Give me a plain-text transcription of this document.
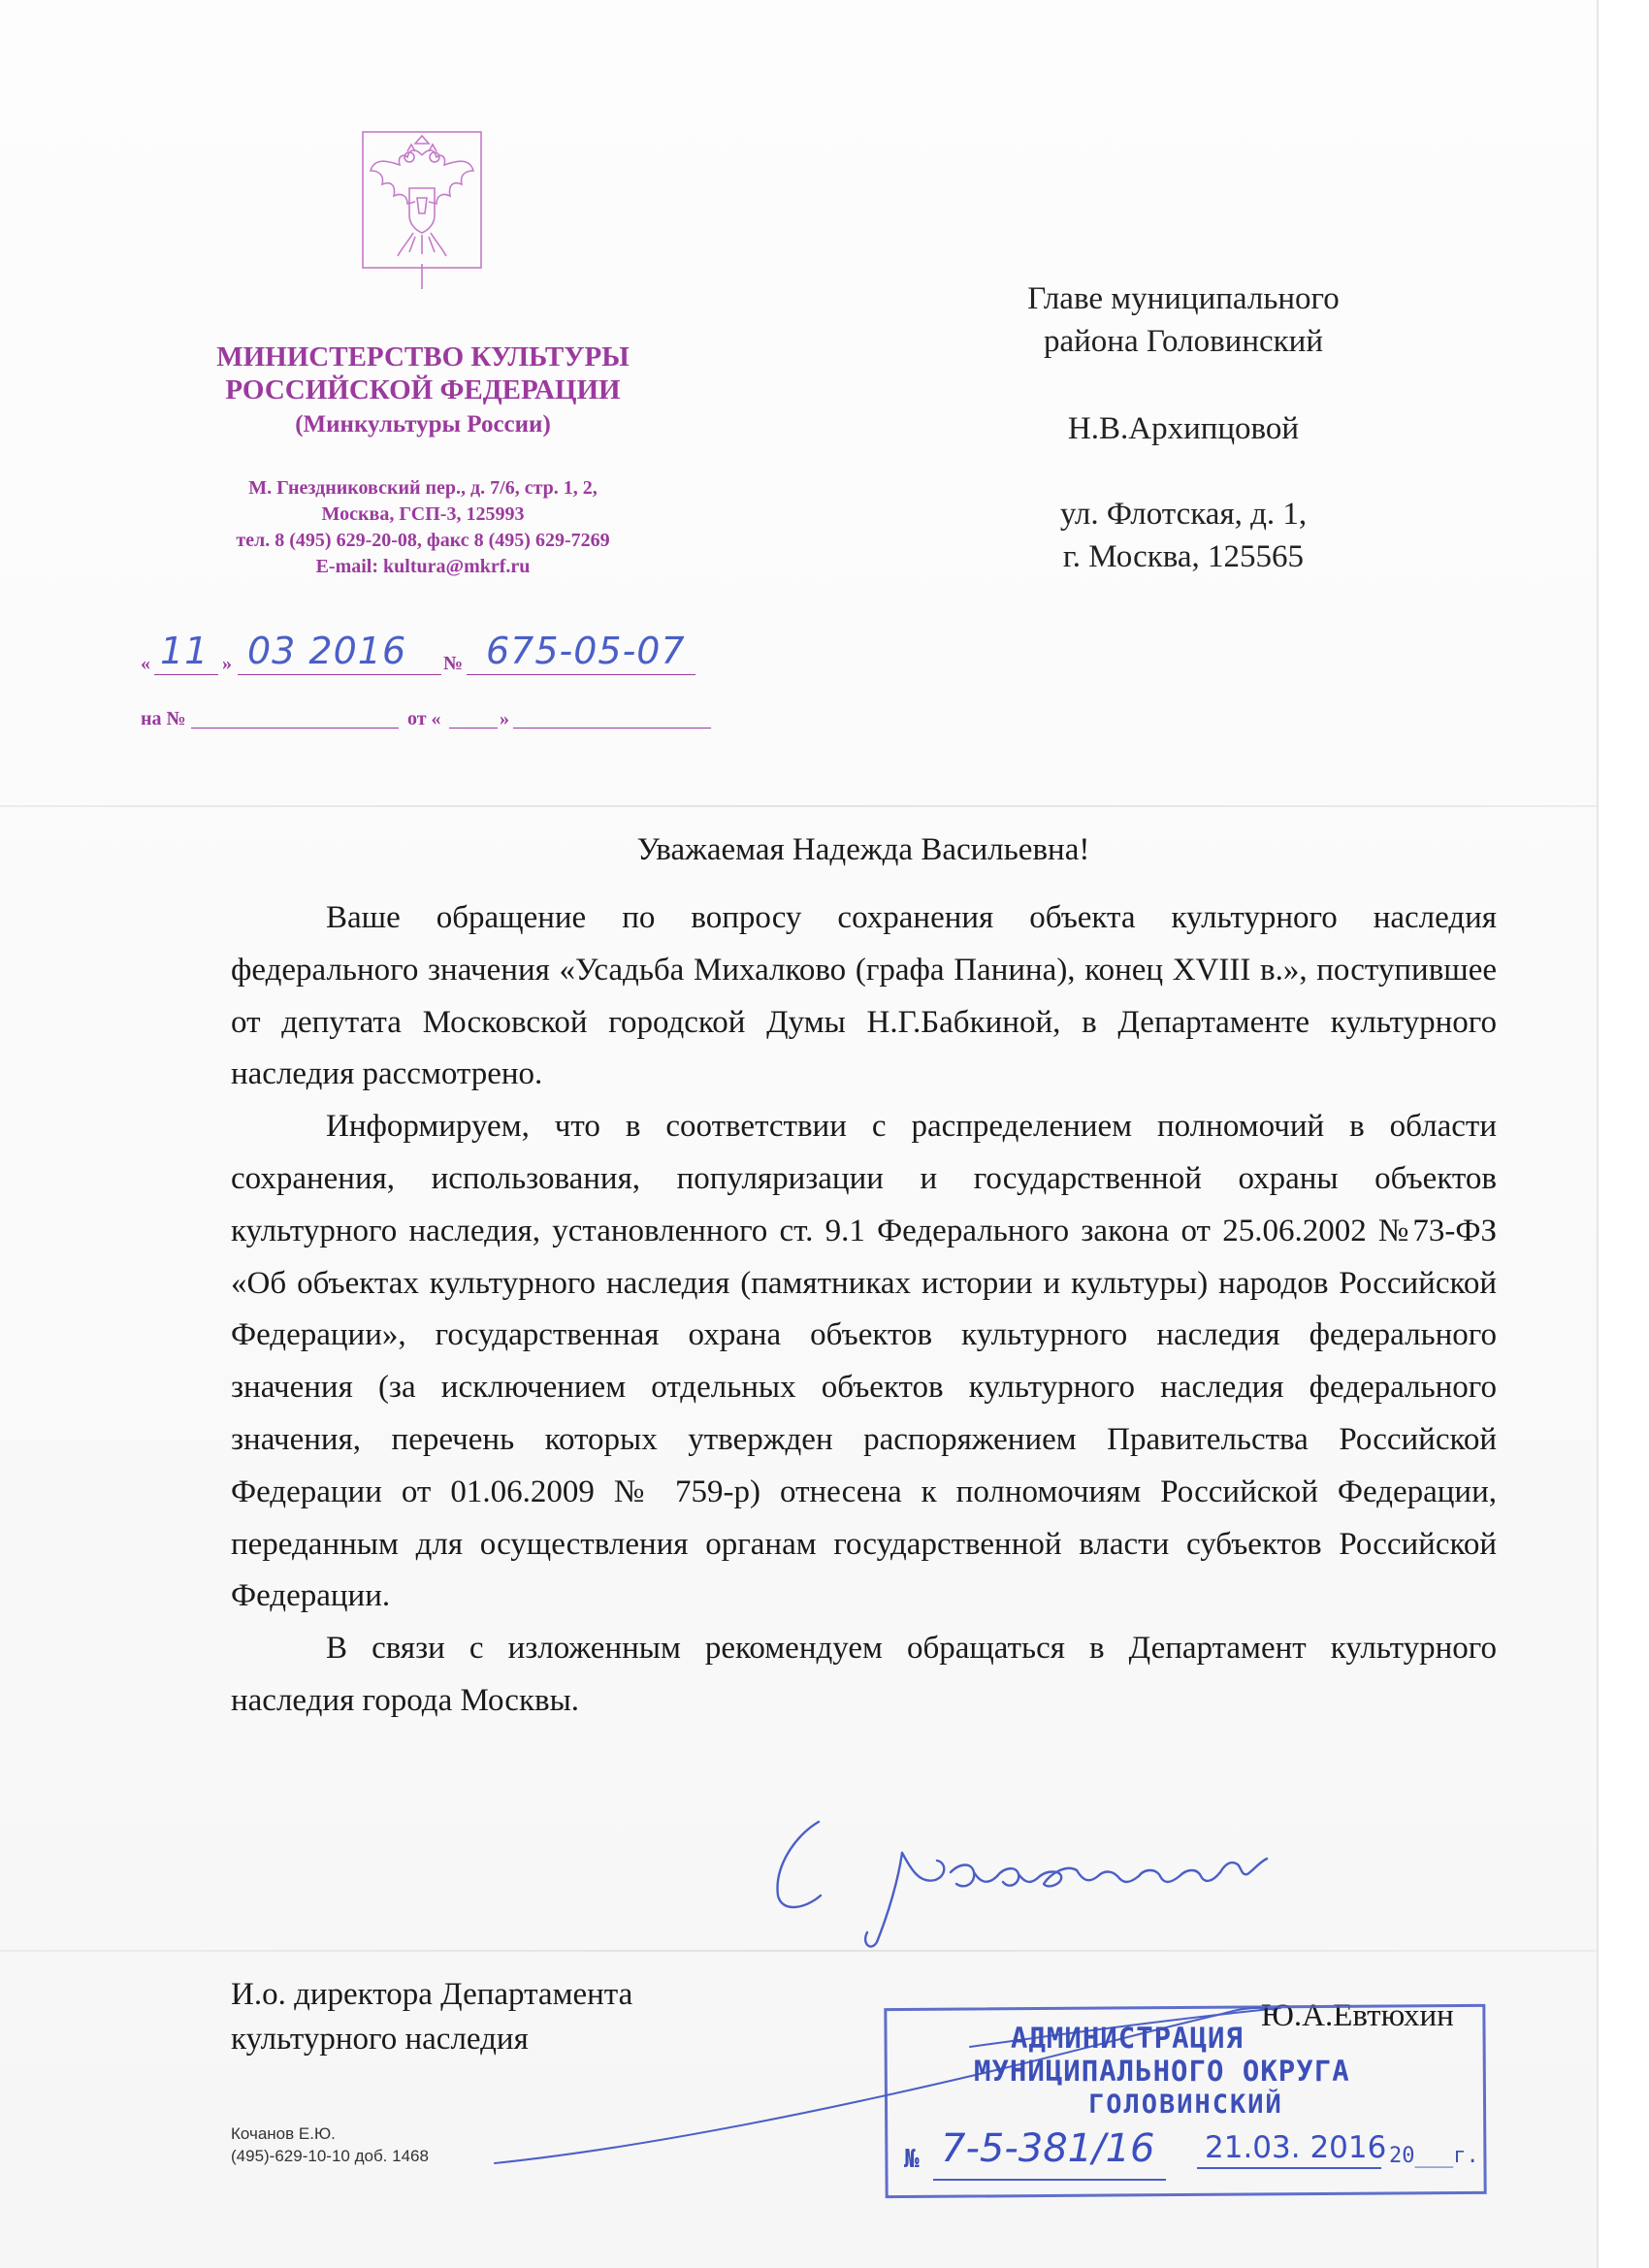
МИНИСТЕРСТВО КУЛЬТУРЫ
РОССИЙСКОЙ ФЕДЕРАЦИИ
(Минкультуры России)
М. Гнездниковский пер., д. 7/6, стр. 1, 2,
Москва, ГСП-3, 125993
тел. 8 (495) 629-20-08, факс 8 (495) 629-7269
E-mail: kultura@mkrf.ru
« 11 » 03 2016 № 675-05-07
на №	от «	»
Главе муниципального
района Головинский
Н.В.Архипцовой
ул. Флотская, д. 1,
г. Москва, 125565
Уважаемая Надежда Васильевна!

Ваше обращение по вопросу сохранения объекта культурного наследия федерального значения «Усадьба Михалково (графа Панина), конец XVIII в.», поступившее от депутата Московской городской Думы Н.Г.Бабкиной, в Департаменте культурного наследия рассмотрено.

Информируем, что в соответствии с распределением полномочий в области сохранения, использования, популяризации и государственной охраны объектов культурного наследия, установленного ст. 9.1 Федерального закона от 25.06.2002 №73-ФЗ «Об объектах культурного наследия (памятниках истории и культуры) народов Российской Федерации», государственная охрана объектов культурного наследия федерального значения (за исключением отдельных объектов культурного наследия федерального значения, перечень которых утвержден распоряжением Правительства Российской Федерации от 01.06.2009 № 759-р) отнесена к полномочиям Российской Федерации, переданным для осуществления органам государственной власти субъектов Российской Федерации.

В связи с изложенным рекомендуем обращаться в Департамент культурного наследия города Москвы.

И.о. директора Департамента
культурного наследия
Ю.А.Евтюхин
Кочанов Е.Ю.
(495)-629-10-10 доб. 1468
АДМИНИСТРАЦИЯ
МУНИЦИПАЛЬНОГО ОКРУГА
ГОЛОВИНСКИЙ
№ 7-5-381/16 21.03. 2016 20___г.
